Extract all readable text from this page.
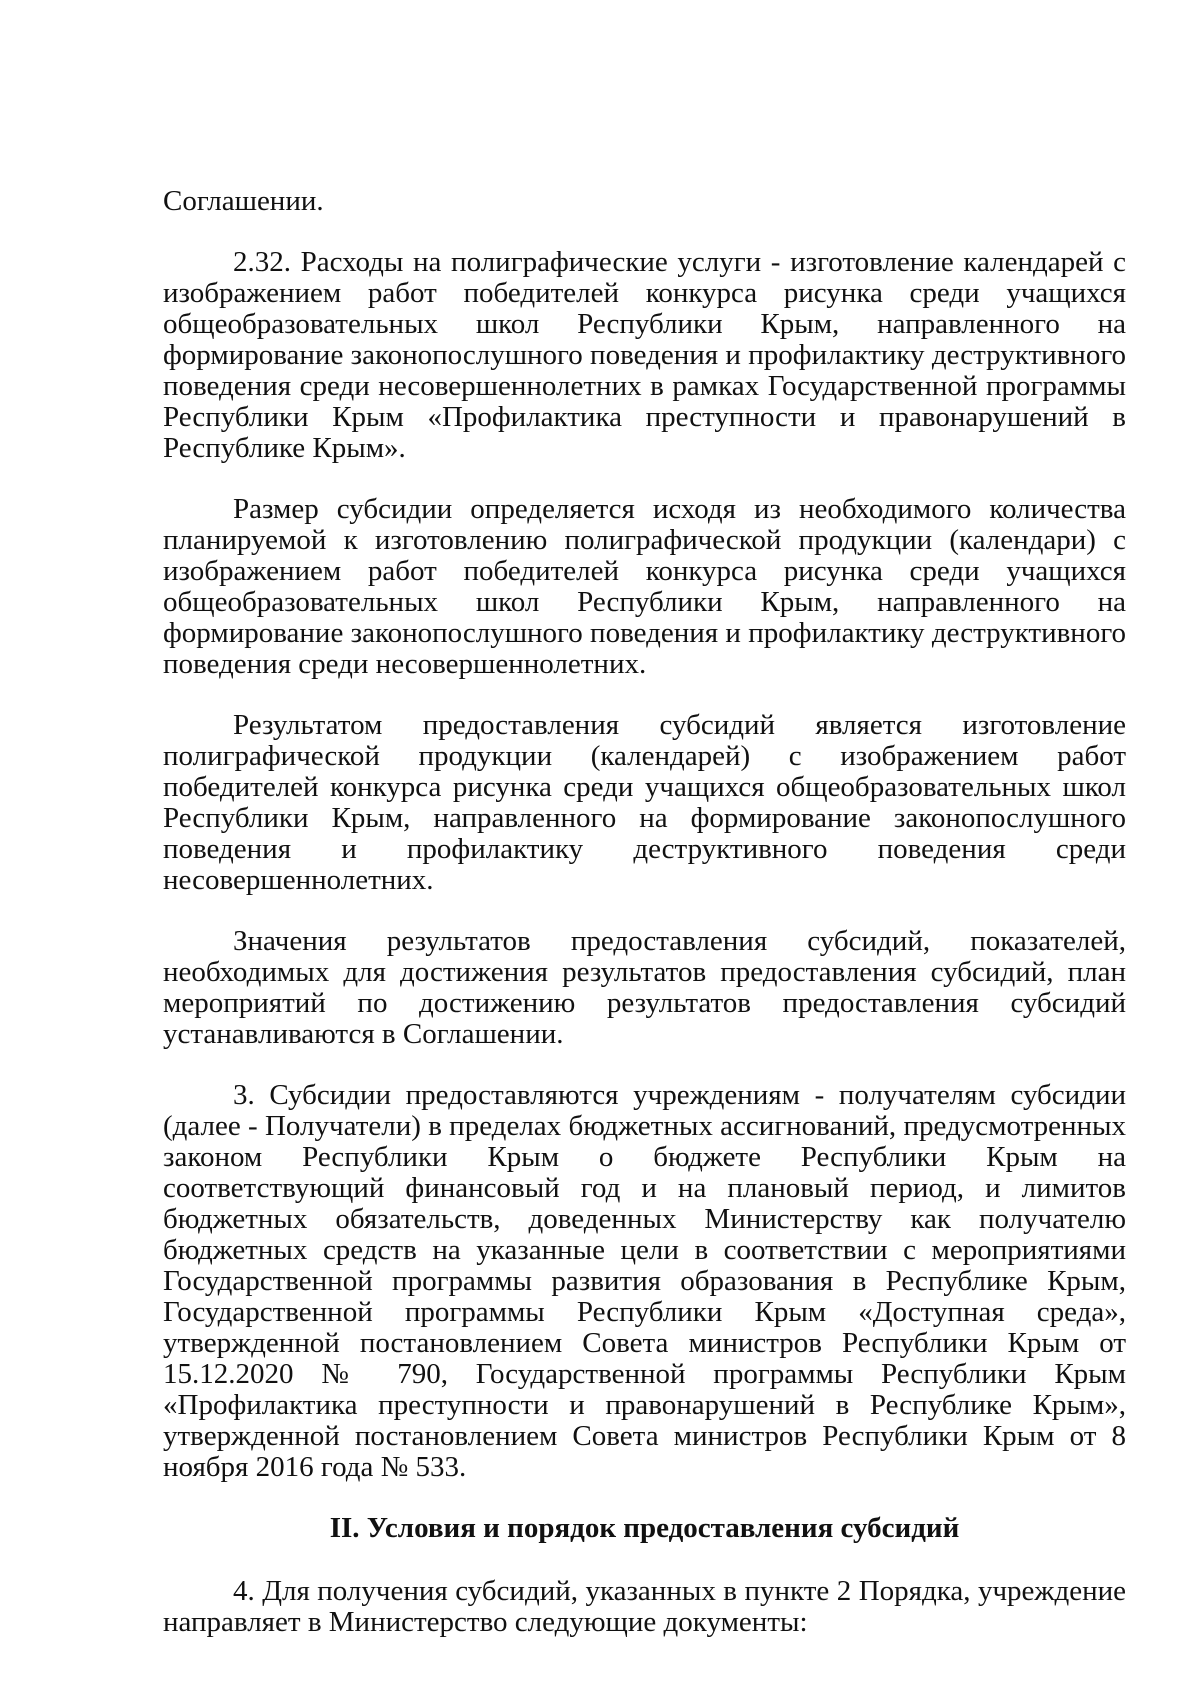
Соглашении.

2.32. Расходы на полиграфические услуги - изготовление календарей с изображением работ победителей конкурса рисунка среди учащихся общеобразовательных школ Республики Крым, направленного на формирование законопослушного поведения и профилактику деструктивного поведения среди несовершеннолетних в рамках Государственной программы Республики Крым «Профилактика преступности и правонарушений в Республике Крым».

Размер субсидии определяется исходя из необходимого количества планируемой к изготовлению полиграфической продукции (календари) с изображением работ победителей конкурса рисунка среди учащихся общеобразовательных школ Республики Крым, направленного на формирование законопослушного поведения и профилактику деструктивного поведения среди несовершеннолетних.

Результатом предоставления субсидий является изготовление полиграфической продукции (календарей) с изображением работ победителей конкурса рисунка среди учащихся общеобразовательных школ Республики Крым, направленного на формирование законопослушного поведения и профилактику деструктивного поведения среди несовершеннолетних.

Значения результатов предоставления субсидий, показателей, необходимых для достижения результатов предоставления субсидий, план мероприятий по достижению результатов предоставления субсидий устанавливаются в Соглашении.

3. Субсидии предоставляются учреждениям - получателям субсидии (далее - Получатели) в пределах бюджетных ассигнований, предусмотренных законом Республики Крым о бюджете Республики Крым на соответствующий финансовый год и на плановый период, и лимитов бюджетных обязательств, доведенных Министерству как получателю бюджетных средств на указанные цели в соответствии с мероприятиями Государственной программы развития образования в Республике Крым, Государственной программы Республики Крым «Доступная среда», утвержденной постановлением Совета министров Республики Крым от 15.12.2020 № 790, Государственной программы Республики Крым «Профилактика преступности и правонарушений в Республике Крым», утвержденной постановлением Совета министров Республики Крым от 8 ноября 2016 года № 533.

II. Условия и порядок предоставления субсидий

4. Для получения субсидий, указанных в пункте 2 Порядка, учреждение направляет в Министерство следующие документы:
